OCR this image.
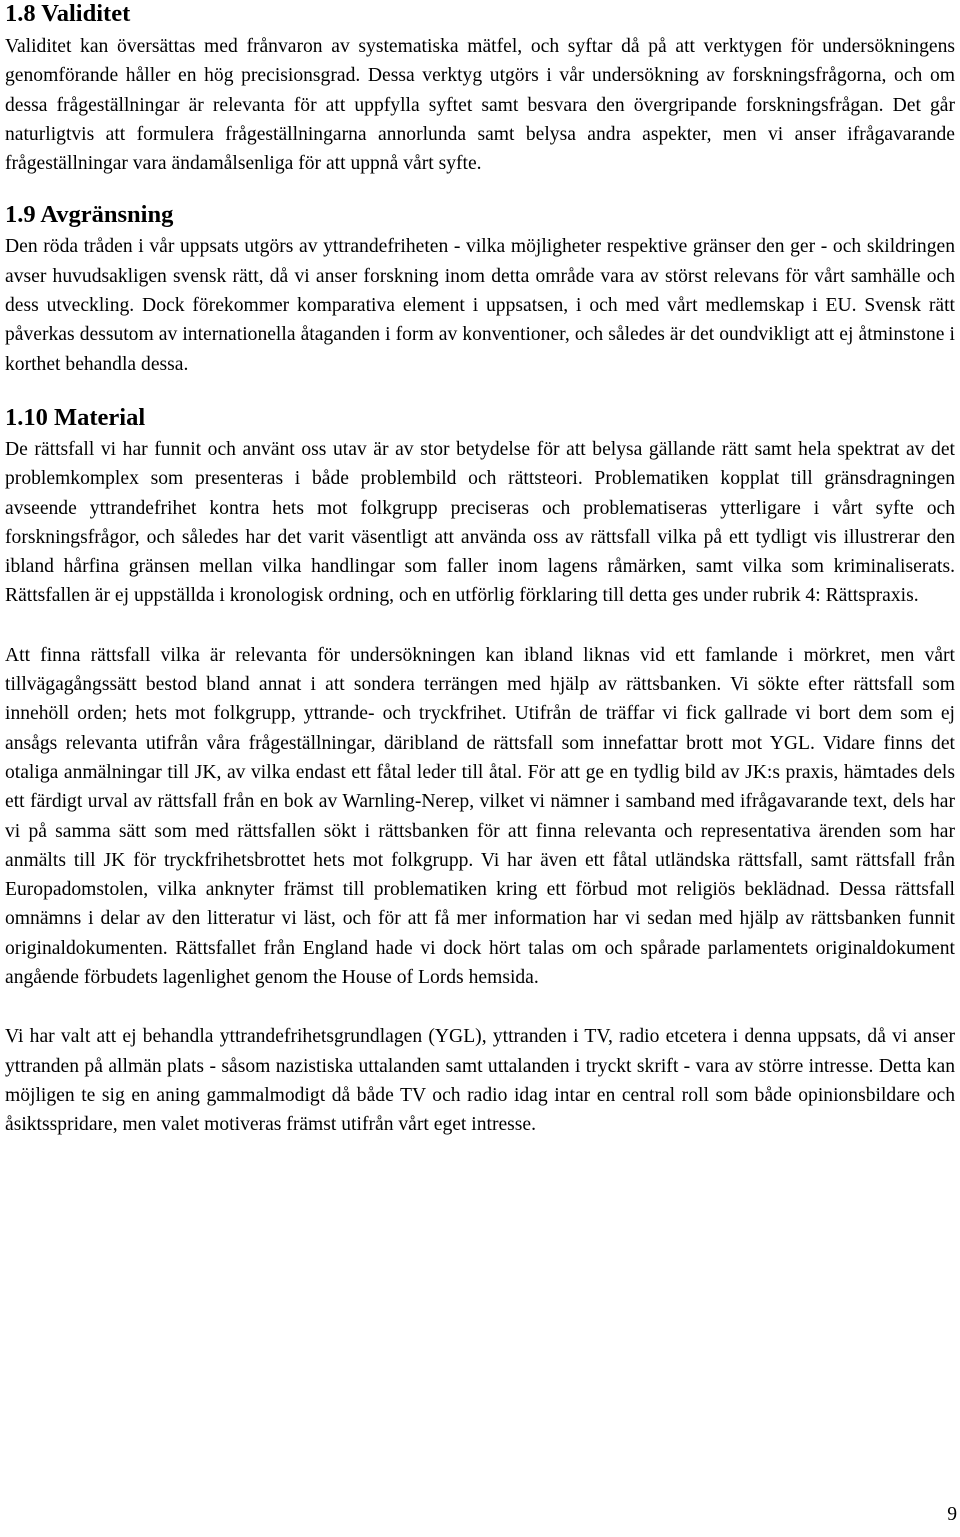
1.8 Validitet

Validitet kan översättas med frånvaron av systematiska mätfel, och syftar då på att verktygen för undersökningens genomförande håller en hög precisionsgrad. Dessa verktyg utgörs i vår undersökning av forskningsfrågorna, och om dessa frågeställningar är relevanta för att uppfylla syftet samt besvara den övergripande forskningsfrågan. Det går naturligtvis att formulera frågeställningarna annorlunda samt belysa andra aspekter, men vi anser ifrågavarande frågeställningar vara ändamålsenliga för att uppnå vårt syfte.

1.9 Avgränsning

Den röda tråden i vår uppsats utgörs av yttrandefriheten - vilka möjligheter respektive gränser den ger - och skildringen avser huvudsakligen svensk rätt, då vi anser forskning inom detta område vara av störst relevans för vårt samhälle och dess utveckling. Dock förekommer komparativa element i uppsatsen, i och med vårt medlemskap i EU. Svensk rätt påverkas dessutom av internationella åtaganden i form av konventioner, och således är det oundvikligt att ej åtminstone i korthet behandla dessa.

1.10 Material

De rättsfall vi har funnit och använt oss utav är av stor betydelse för att belysa gällande rätt samt hela spektrat av det problemkomplex som presenteras i både problembild och rättsteori. Problematiken kopplat till gränsdragningen avseende yttrandefrihet kontra hets mot folkgrupp preciseras och problematiseras ytterligare i vårt syfte och forskningsfrågor, och således har det varit väsentligt att använda oss av rättsfall vilka på ett tydligt vis illustrerar den ibland hårfina gränsen mellan vilka handlingar som faller inom lagens råmärken, samt vilka som kriminaliserats. Rättsfallen är ej uppställda i kronologisk ordning, och en utförlig förklaring till detta ges under rubrik 4: Rättspraxis.

Att finna rättsfall vilka är relevanta för undersökningen kan ibland liknas vid ett famlande i mörkret, men vårt tillvägagångssätt bestod bland annat i att sondera terrängen med hjälp av rättsbanken. Vi sökte efter rättsfall som innehöll orden; hets mot folkgrupp, yttrande- och tryckfrihet. Utifrån de träffar vi fick gallrade vi bort dem som ej ansågs relevanta utifrån våra frågeställningar, däribland de rättsfall som innefattar brott mot YGL. Vidare finns det otaliga anmälningar till JK, av vilka endast ett fåtal leder till åtal. För att ge en tydlig bild av JK:s praxis, hämtades dels ett färdigt urval av rättsfall från en bok av Warnling-Nerep, vilket vi nämner i samband med ifrågavarande text, dels har vi på samma sätt som med rättsfallen sökt i rättsbanken för att finna relevanta och representativa ärenden som har anmälts till JK för tryckfrihetsbrottet hets mot folkgrupp. Vi har även ett fåtal utländska rättsfall, samt rättsfall från Europadomstolen, vilka anknyter främst till problematiken kring ett förbud mot religiös beklädnad. Dessa rättsfall omnämns i delar av den litteratur vi läst, och för att få mer information har vi sedan med hjälp av rättsbanken funnit originaldokumenten. Rättsfallet från England hade vi dock hört talas om och spårade parlamentets originaldokument angående förbudets lagenlighet genom the House of Lords hemsida.

Vi har valt att ej behandla yttrandefrihetsgrundlagen (YGL), yttranden i TV, radio etcetera i denna uppsats, då vi anser yttranden på allmän plats - såsom nazistiska uttalanden samt uttalanden i tryckt skrift - vara av större intresse. Detta kan möjligen te sig en aning gammalmodigt då både TV och radio idag intar en central roll som både opinionsbildare och åsiktsspridare, men valet motiveras främst utifrån vårt eget intresse.

9
